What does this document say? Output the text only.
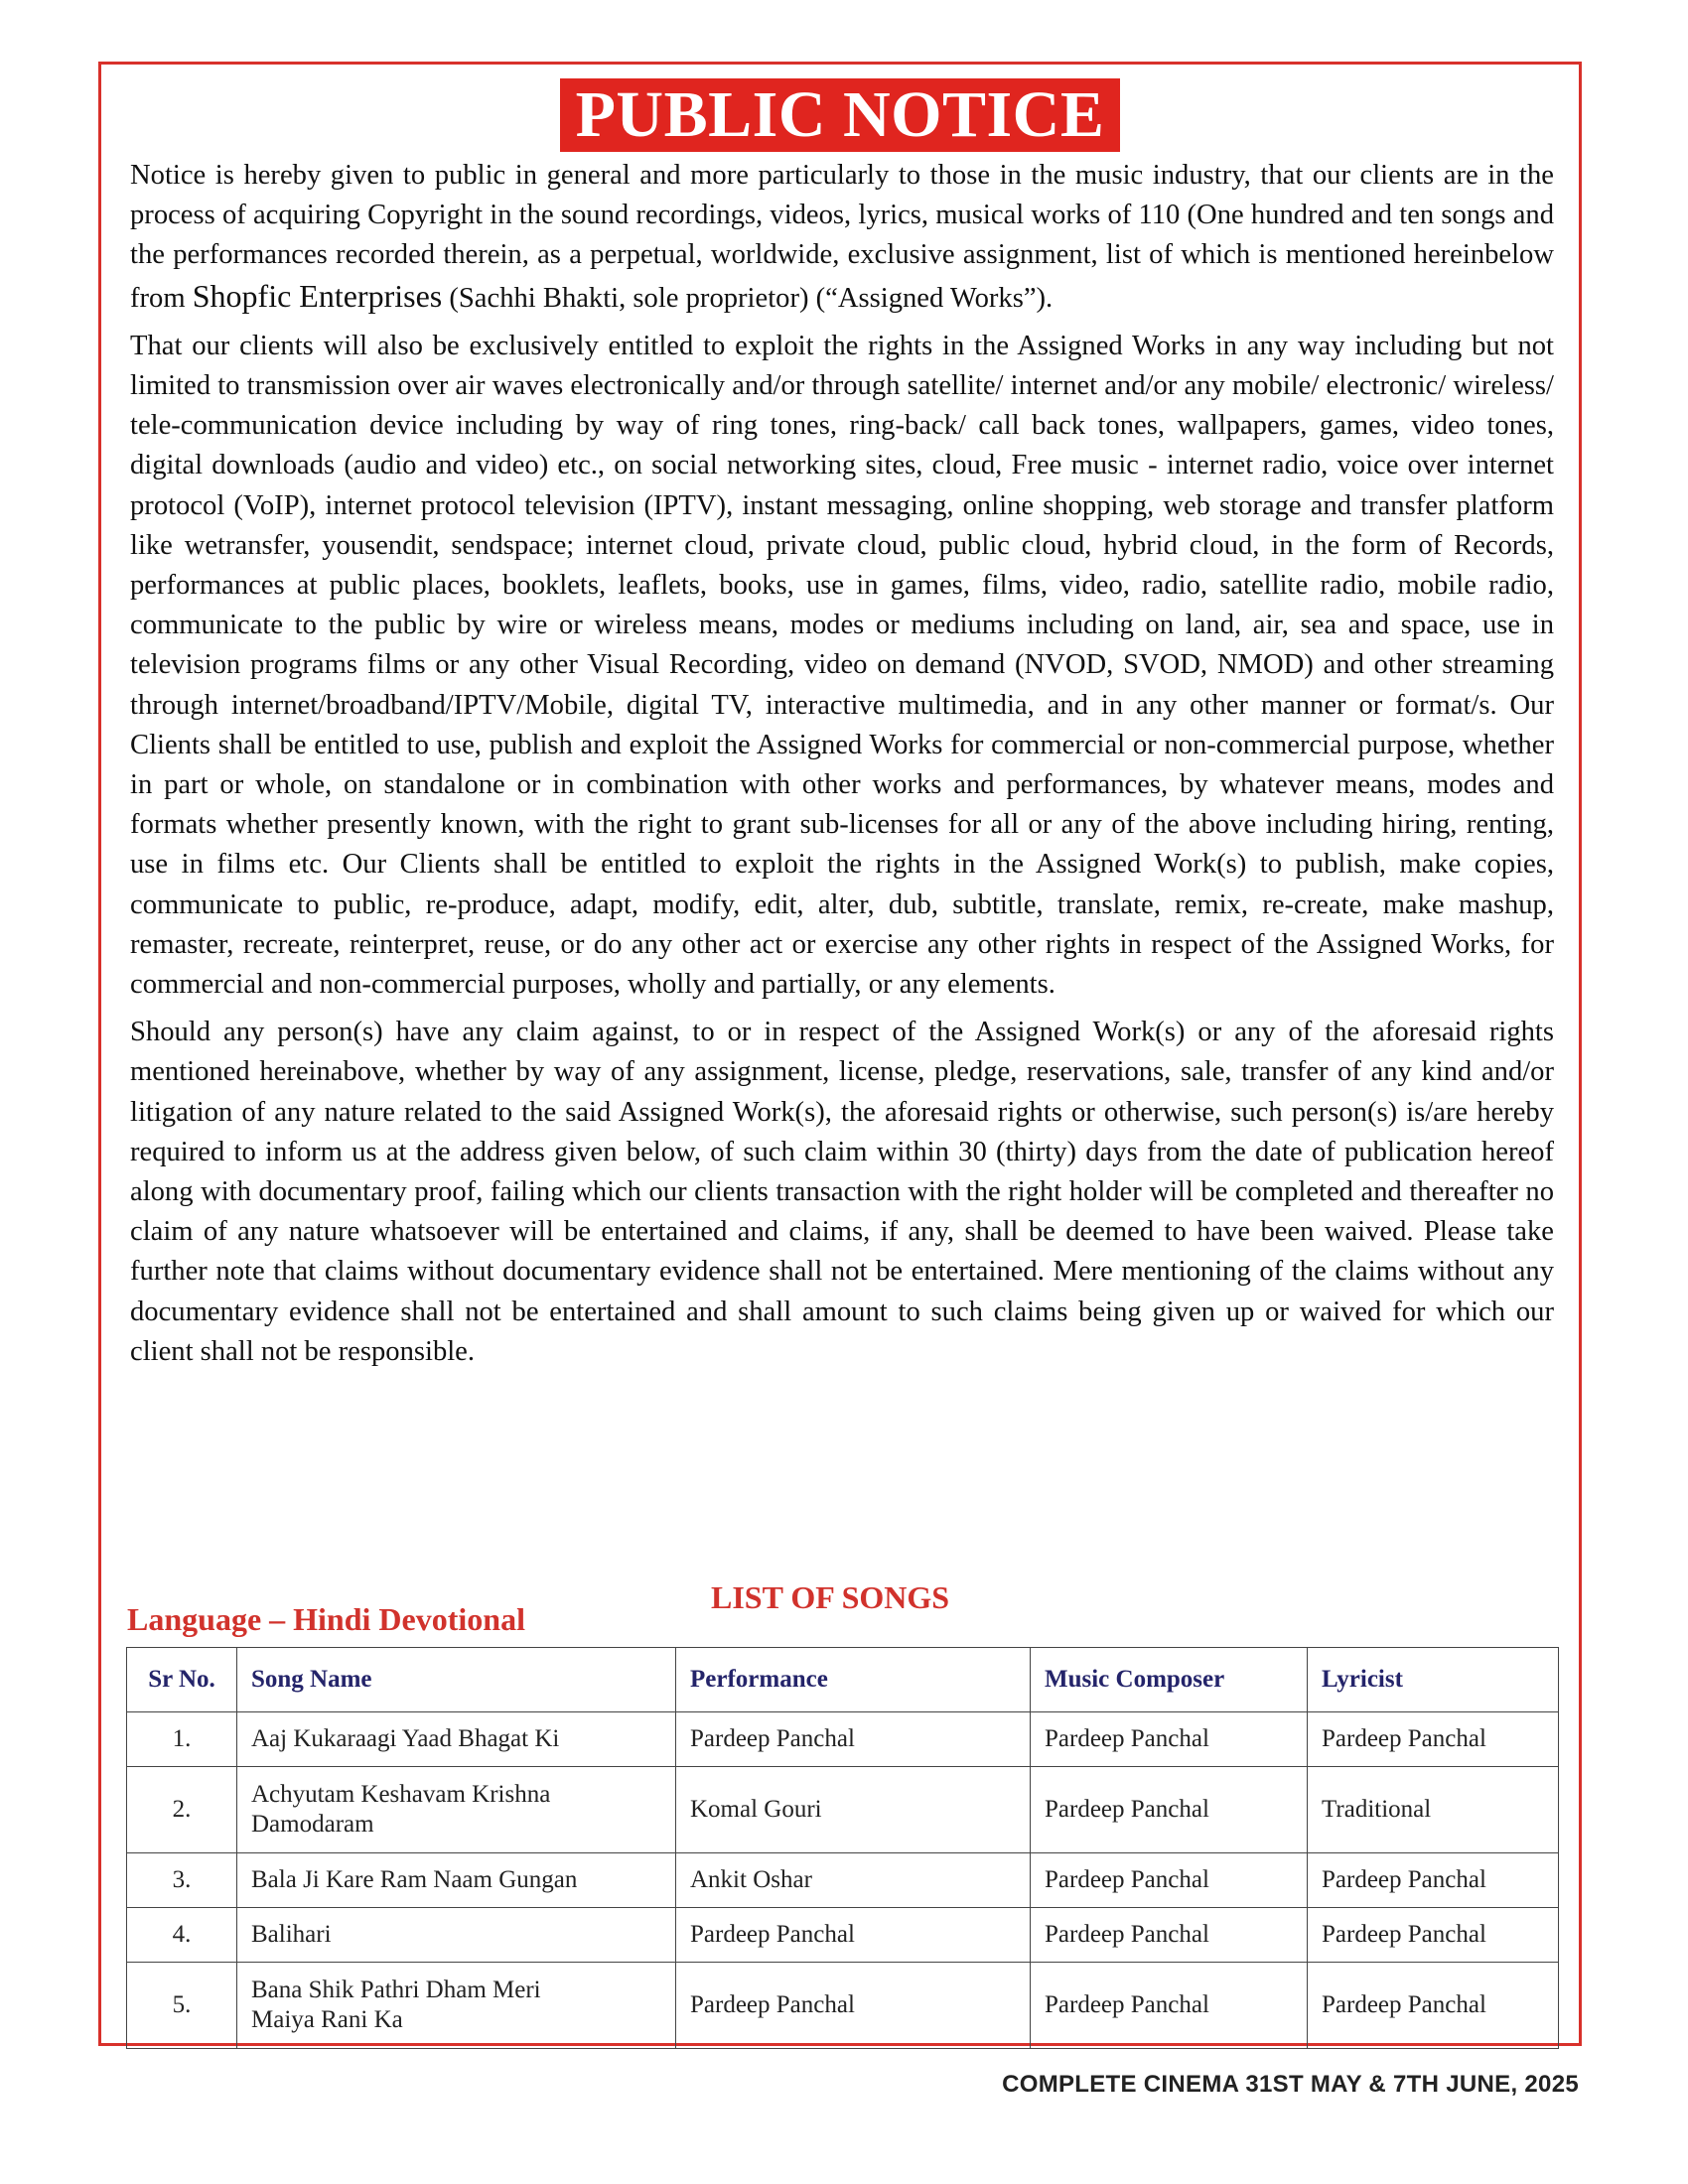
PUBLIC NOTICE

Notice is hereby given to public in general and more particularly to those in the music industry, that our clients are in the process of acquiring Copyright in the sound recordings, videos, lyrics, musical works of 110 (One hundred and ten songs and the performances recorded therein, as a perpetual, worldwide, exclusive assignment, list of which is mentioned hereinbelow from Shopfic Enterprises (Sachhi Bhakti, sole proprietor) (“Assigned Works”).

That our clients will also be exclusively entitled to exploit the rights in the Assigned Works in any way including but not limited to transmission over air waves electronically and/or through satellite/ internet and/or any mobile/ electronic/ wireless/ tele-communication device including by way of ring tones, ring-back/ call back tones, wallpapers, games, video tones, digital downloads (audio and video) etc., on social networking sites, cloud, Free music - internet radio, voice over internet protocol (VoIP), internet protocol television (IPTV), instant messaging, online shopping, web storage and transfer platform like wetransfer, yousendit, sendspace; internet cloud, private cloud, public cloud, hybrid cloud, in the form of Records, performances at public places, booklets, leaflets, books, use in games, films, video, radio, satellite radio, mobile radio, communicate to the public by wire or wireless means, modes or mediums including on land, air, sea and space, use in television programs films or any other Visual Recording, video on demand (NVOD, SVOD, NMOD) and other streaming through internet/broadband/IPTV/Mobile, digital TV, interactive multimedia, and in any other manner or format/s. Our Clients shall be entitled to use, publish and exploit the Assigned Works for commercial or non-commercial purpose, whether in part or whole, on standalone or in combination with other works and performances, by whatever means, modes and formats whether presently known, with the right to grant sub-licenses for all or any of the above including hiring, renting, use in films etc. Our Clients shall be entitled to exploit the rights in the Assigned Work(s) to publish, make copies, communicate to public, re-produce, adapt, modify, edit, alter, dub, subtitle, translate, remix, re-create, make mashup, remaster, recreate, reinterpret, reuse, or do any other act or exercise any other rights in respect of the Assigned Works, for commercial and non-commercial purposes, wholly and partially, or any elements.

Should any person(s) have any claim against, to or in respect of the Assigned Work(s) or any of the aforesaid rights mentioned hereinabove, whether by way of any assignment, license, pledge, reservations, sale, transfer of any kind and/or litigation of any nature related to the said Assigned Work(s), the aforesaid rights or otherwise, such person(s) is/are hereby required to inform us at the address given below, of such claim within 30 (thirty) days from the date of publication hereof along with documentary proof, failing which our clients transaction with the right holder will be completed and thereafter no claim of any nature whatsoever will be entertained and claims, if any, shall be deemed to have been waived. Please take further note that claims without documentary evidence shall not be entertained. Mere mentioning of the claims without any documentary evidence shall not be entertained and shall amount to such claims being given up or waived for which our client shall not be responsible.

LIST OF SONGS
Language – Hindi Devotional
Sr No.	Song Name	Performance	Music Composer	Lyricist
1.	Aaj Kukaraagi Yaad Bhagat Ki	Pardeep Panchal	Pardeep Panchal	Pardeep Panchal
2.	Achyutam Keshavam Krishna
Damodaram	Komal Gouri	Pardeep Panchal	Traditional
3.	Bala Ji Kare Ram Naam Gungan	Ankit Oshar	Pardeep Panchal	Pardeep Panchal
4.	Balihari	Pardeep Panchal	Pardeep Panchal	Pardeep Panchal
5.	Bana Shik Pathri Dham Meri
Maiya Rani Ka	Pardeep Panchal	Pardeep Panchal	Pardeep Panchal
COMPLETE CINEMA 31ST MAY & 7TH JUNE, 2025
